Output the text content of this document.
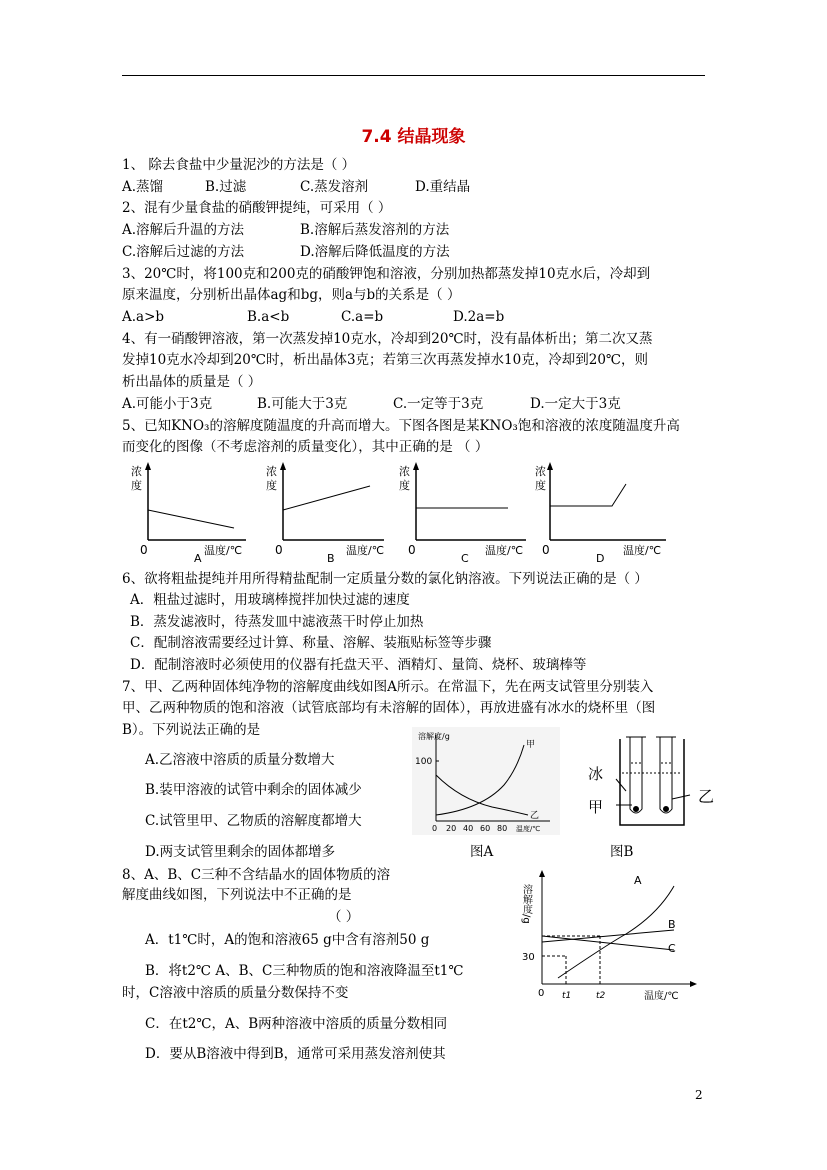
7.4 结晶现象
1、 除去食盐中少量泥沙的方法是（ ）
A.蒸馏	B.过滤	C.蒸发溶剂	D.重结晶
2、混有少量食盐的硝酸钾提纯，可采用（ ）
A.溶解后升温的方法	B.溶解后蒸发溶剂的方法
C.溶解后过滤的方法	D.溶解后降低温度的方法
3、20℃时，将100克和200克的硝酸钾饱和溶液，分别加热都蒸发掉10克水后，冷却到
原来温度，分别析出晶体ag和bg，则a与b的关系是（ ）
A.a>b	B.a<b	C.a=b	D.2a=b
4、有一硝酸钾溶液，第一次蒸发掉10克水，冷却到20℃时，没有晶体析出；第二次又蒸
发掉10克水冷却到20℃时，析出晶体3克；若第三次再蒸发掉水10克，冷却到20℃，则
析出晶体的质量是（ ）
A.可能小于3克	B.可能大于3克	C.一定等于3克	D.一定大于3克
5、已知KNO₃的溶解度随温度的升高而增大。下图各图是某KNO₃饱和溶液的浓度随温度升高
而变化的图像（不考虑溶剂的质量变化），其中正确的是 （ ）
浓
度
0
A
温度/℃
浓
度
0
B
温度/℃
浓
度
0
C
温度/℃
浓
度
0
D
温度/℃
6、欲将粗盐提纯并用所得精盐配制一定质量分数的氯化钠溶液。下列说法正确的是（ ）
A．粗盐过滤时，用玻璃棒搅拌加快过滤的速度
B．蒸发滤液时，待蒸发皿中滤液蒸干时停止加热
C．配制溶液需要经过计算、称量、溶解、装瓶贴标签等步骤
D．配制溶液时必须使用的仪器有托盘天平、酒精灯、量筒、烧杯、玻璃棒等
7、甲、乙两种固体纯净物的溶解度曲线如图A所示。在常温下，先在两支试管里分别装入
甲、乙两种物质的饱和溶液（试管底部均有未溶解的固体），再放进盛有冰水的烧杯里（图
B）。下列说法正确的是
A.乙溶液中溶质的质量分数增大
B.装甲溶液的试管中剩余的固体减少
C.试管里甲、乙物质的溶解度都增大
D.两支试管里剩余的固体都增多
溶解度/g
100
甲
乙
0 20 40 60 80 温度/℃
图A
冰
甲
乙
图B
8、A、B、C三种不含结晶水的固体物质的溶
解度曲线如图，下列说法中不正确的是
（ ）
A．t1℃时，A的饱和溶液65 g中含有溶剂50 g
B．将t2℃ A、B、C三种物质的饱和溶液降温至t1℃
时，C溶液中溶质的质量分数保持不变
C．在t2℃，A、B两种溶液中溶质的质量分数相同
D．要从B溶液中得到B，通常可采用蒸发溶剂使其
溶解度/g
30
0
A
B
C
t1	t2	温度/℃
2
